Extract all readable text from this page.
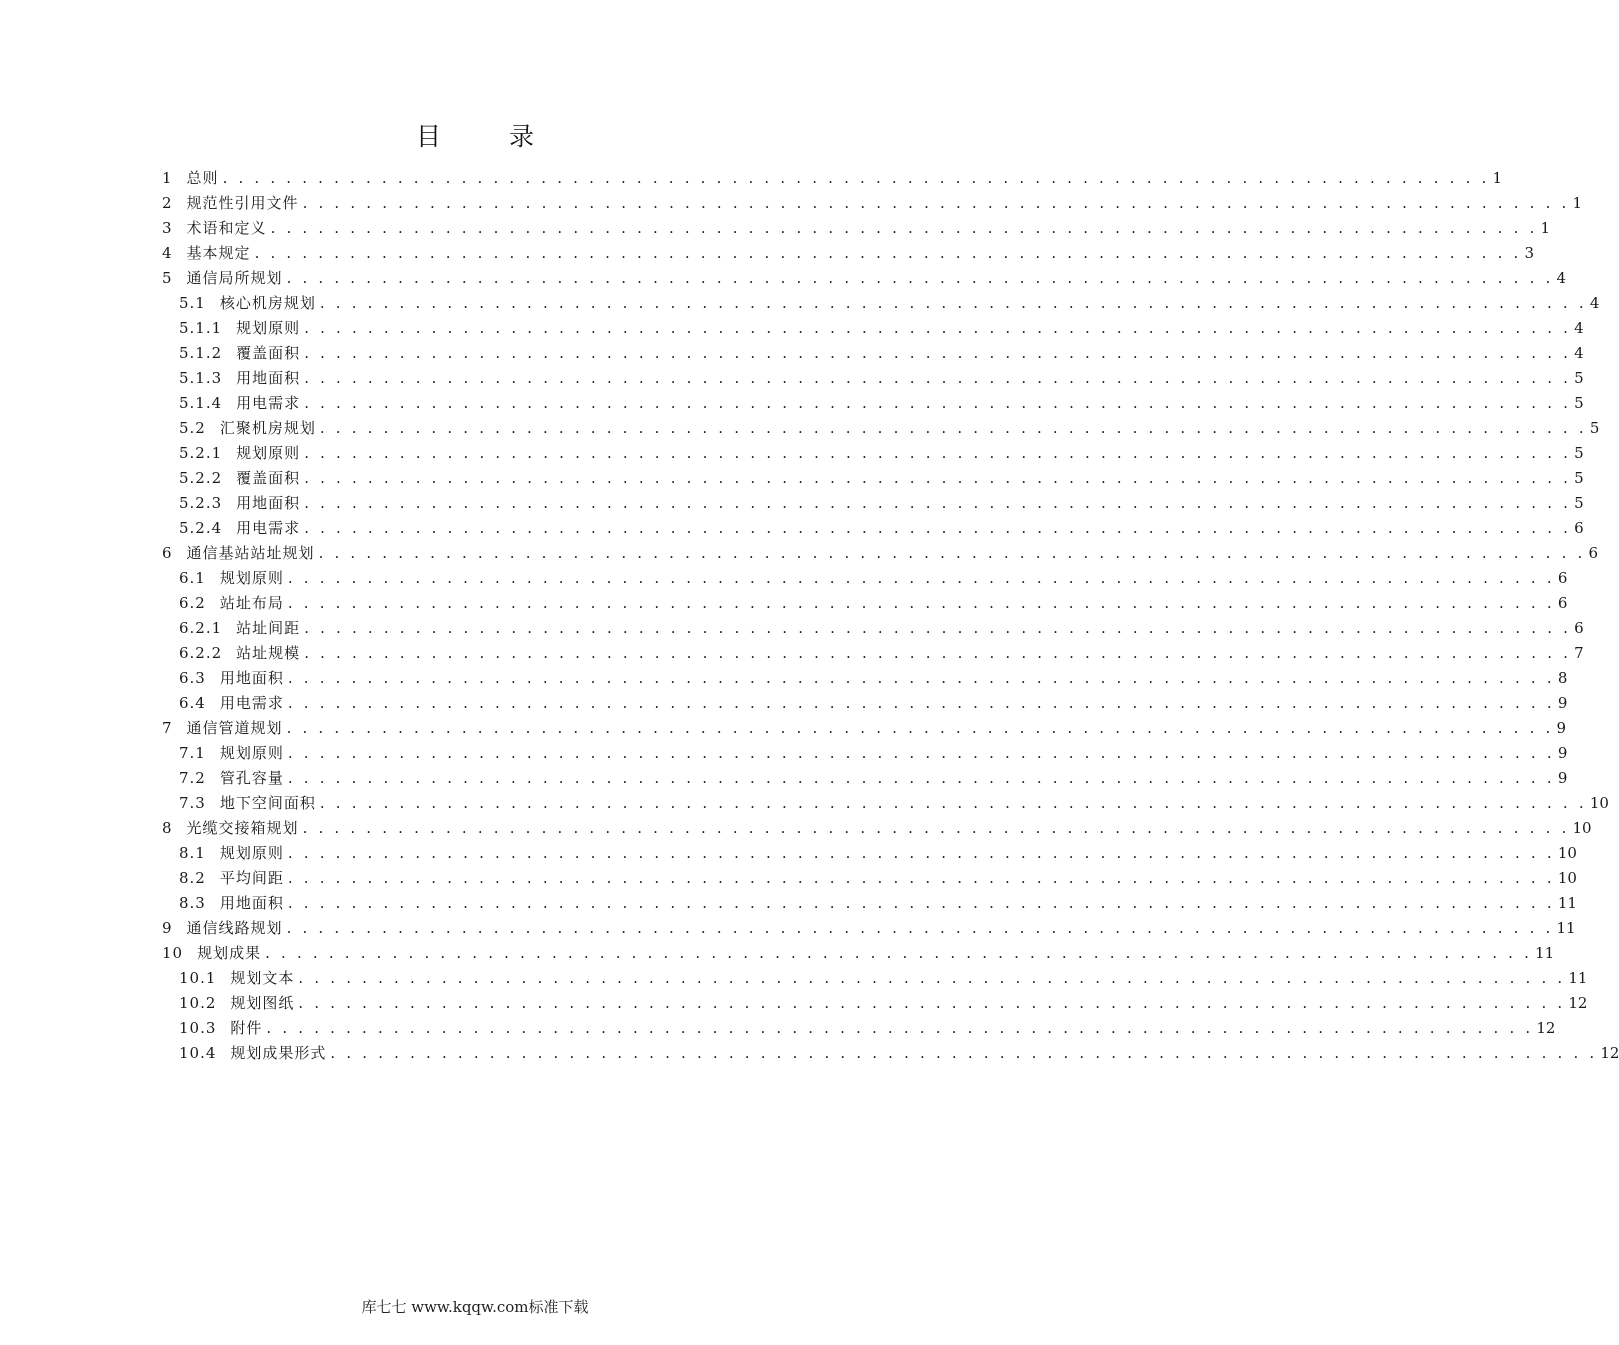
目 录
1 总则 . . . . . . . . . . . . . . . . . . . . . . . . . . . . . . . . . . . . . . . . . . . . . . . . . . . . . . . . . . . . . . . . . . . . . . . . . . . . . . . . 1
2 规范性引用文件 . . . . . . . . . . . . . . . . . . . . . . . . . . . . . . . . . . . . . . . . . . . . . . . . . . . . . . . . . . . . . . . . . . . . . . . . . . . . . . . . 1
3 术语和定义 . . . . . . . . . . . . . . . . . . . . . . . . . . . . . . . . . . . . . . . . . . . . . . . . . . . . . . . . . . . . . . . . . . . . . . . . . . . . . . . . 1
4 基本规定 . . . . . . . . . . . . . . . . . . . . . . . . . . . . . . . . . . . . . . . . . . . . . . . . . . . . . . . . . . . . . . . . . . . . . . . . . . . . . . . . 3
5 通信局所规划 . . . . . . . . . . . . . . . . . . . . . . . . . . . . . . . . . . . . . . . . . . . . . . . . . . . . . . . . . . . . . . . . . . . . . . . . . . . . . . . . 4
5.1 核心机房规划 . . . . . . . . . . . . . . . . . . . . . . . . . . . . . . . . . . . . . . . . . . . . . . . . . . . . . . . . . . . . . . . . . . . . . . . . . . . . . . . . 4
5.1.1 规划原则 . . . . . . . . . . . . . . . . . . . . . . . . . . . . . . . . . . . . . . . . . . . . . . . . . . . . . . . . . . . . . . . . . . . . . . . . . . . . . . . . 4
5.1.2 覆盖面积 . . . . . . . . . . . . . . . . . . . . . . . . . . . . . . . . . . . . . . . . . . . . . . . . . . . . . . . . . . . . . . . . . . . . . . . . . . . . . . . . 4
5.1.3 用地面积 . . . . . . . . . . . . . . . . . . . . . . . . . . . . . . . . . . . . . . . . . . . . . . . . . . . . . . . . . . . . . . . . . . . . . . . . . . . . . . . . 5
5.1.4 用电需求 . . . . . . . . . . . . . . . . . . . . . . . . . . . . . . . . . . . . . . . . . . . . . . . . . . . . . . . . . . . . . . . . . . . . . . . . . . . . . . . . 5
5.2 汇聚机房规划 . . . . . . . . . . . . . . . . . . . . . . . . . . . . . . . . . . . . . . . . . . . . . . . . . . . . . . . . . . . . . . . . . . . . . . . . . . . . . . . . 5
5.2.1 规划原则 . . . . . . . . . . . . . . . . . . . . . . . . . . . . . . . . . . . . . . . . . . . . . . . . . . . . . . . . . . . . . . . . . . . . . . . . . . . . . . . . 5
5.2.2 覆盖面积 . . . . . . . . . . . . . . . . . . . . . . . . . . . . . . . . . . . . . . . . . . . . . . . . . . . . . . . . . . . . . . . . . . . . . . . . . . . . . . . . 5
5.2.3 用地面积 . . . . . . . . . . . . . . . . . . . . . . . . . . . . . . . . . . . . . . . . . . . . . . . . . . . . . . . . . . . . . . . . . . . . . . . . . . . . . . . . 5
5.2.4 用电需求 . . . . . . . . . . . . . . . . . . . . . . . . . . . . . . . . . . . . . . . . . . . . . . . . . . . . . . . . . . . . . . . . . . . . . . . . . . . . . . . . 6
6 通信基站站址规划 . . . . . . . . . . . . . . . . . . . . . . . . . . . . . . . . . . . . . . . . . . . . . . . . . . . . . . . . . . . . . . . . . . . . . . . . . . . . . . . . 6
6.1 规划原则 . . . . . . . . . . . . . . . . . . . . . . . . . . . . . . . . . . . . . . . . . . . . . . . . . . . . . . . . . . . . . . . . . . . . . . . . . . . . . . . . 6
6.2 站址布局 . . . . . . . . . . . . . . . . . . . . . . . . . . . . . . . . . . . . . . . . . . . . . . . . . . . . . . . . . . . . . . . . . . . . . . . . . . . . . . . . 6
6.2.1 站址间距 . . . . . . . . . . . . . . . . . . . . . . . . . . . . . . . . . . . . . . . . . . . . . . . . . . . . . . . . . . . . . . . . . . . . . . . . . . . . . . . . 6
6.2.2 站址规模 . . . . . . . . . . . . . . . . . . . . . . . . . . . . . . . . . . . . . . . . . . . . . . . . . . . . . . . . . . . . . . . . . . . . . . . . . . . . . . . . 7
6.3 用地面积 . . . . . . . . . . . . . . . . . . . . . . . . . . . . . . . . . . . . . . . . . . . . . . . . . . . . . . . . . . . . . . . . . . . . . . . . . . . . . . . . 8
6.4 用电需求 . . . . . . . . . . . . . . . . . . . . . . . . . . . . . . . . . . . . . . . . . . . . . . . . . . . . . . . . . . . . . . . . . . . . . . . . . . . . . . . . 9
7 通信管道规划 . . . . . . . . . . . . . . . . . . . . . . . . . . . . . . . . . . . . . . . . . . . . . . . . . . . . . . . . . . . . . . . . . . . . . . . . . . . . . . . . 9
7.1 规划原则 . . . . . . . . . . . . . . . . . . . . . . . . . . . . . . . . . . . . . . . . . . . . . . . . . . . . . . . . . . . . . . . . . . . . . . . . . . . . . . . . 9
7.2 管孔容量 . . . . . . . . . . . . . . . . . . . . . . . . . . . . . . . . . . . . . . . . . . . . . . . . . . . . . . . . . . . . . . . . . . . . . . . . . . . . . . . . 9
7.3 地下空间面积 . . . . . . . . . . . . . . . . . . . . . . . . . . . . . . . . . . . . . . . . . . . . . . . . . . . . . . . . . . . . . . . . . . . . . . . . . . . . . . . . 10
8 光缆交接箱规划 . . . . . . . . . . . . . . . . . . . . . . . . . . . . . . . . . . . . . . . . . . . . . . . . . . . . . . . . . . . . . . . . . . . . . . . . . . . . . . . . 10
8.1 规划原则 . . . . . . . . . . . . . . . . . . . . . . . . . . . . . . . . . . . . . . . . . . . . . . . . . . . . . . . . . . . . . . . . . . . . . . . . . . . . . . . . 10
8.2 平均间距 . . . . . . . . . . . . . . . . . . . . . . . . . . . . . . . . . . . . . . . . . . . . . . . . . . . . . . . . . . . . . . . . . . . . . . . . . . . . . . . . 10
8.3 用地面积 . . . . . . . . . . . . . . . . . . . . . . . . . . . . . . . . . . . . . . . . . . . . . . . . . . . . . . . . . . . . . . . . . . . . . . . . . . . . . . . . 11
9 通信线路规划 . . . . . . . . . . . . . . . . . . . . . . . . . . . . . . . . . . . . . . . . . . . . . . . . . . . . . . . . . . . . . . . . . . . . . . . . . . . . . . . . 11
10 规划成果 . . . . . . . . . . . . . . . . . . . . . . . . . . . . . . . . . . . . . . . . . . . . . . . . . . . . . . . . . . . . . . . . . . . . . . . . . . . . . . . . 11
10.1 规划文本 . . . . . . . . . . . . . . . . . . . . . . . . . . . . . . . . . . . . . . . . . . . . . . . . . . . . . . . . . . . . . . . . . . . . . . . . . . . . . . . . 11
10.2 规划图纸 . . . . . . . . . . . . . . . . . . . . . . . . . . . . . . . . . . . . . . . . . . . . . . . . . . . . . . . . . . . . . . . . . . . . . . . . . . . . . . . . 12
10.3 附件 . . . . . . . . . . . . . . . . . . . . . . . . . . . . . . . . . . . . . . . . . . . . . . . . . . . . . . . . . . . . . . . . . . . . . . . . . . . . . . . . 12
10.4 规划成果形式 . . . . . . . . . . . . . . . . . . . . . . . . . . . . . . . . . . . . . . . . . . . . . . . . . . . . . . . . . . . . . . . . . . . . . . . . . . . . . . . . 12
库七七 www.kqqw.com标准下载
